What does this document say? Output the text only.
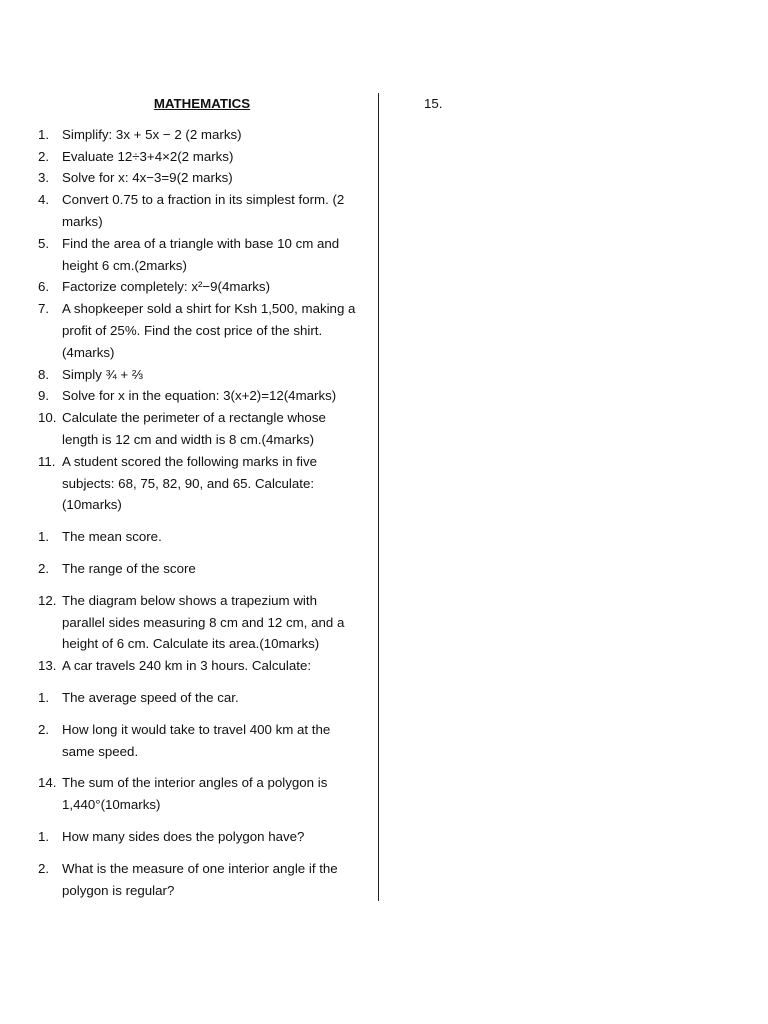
MATHEMATICS
1. Simplify: 3x + 5x − 2 (2 marks)
2. Evaluate 12÷3+4×2(2 marks)
3. Solve for x: 4x−3=9(2 marks)
4. Convert 0.75 to a fraction in its simplest form. (2 marks)
5. Find the area of a triangle with base 10 cm and height 6 cm.(2marks)
6. Factorize completely: x²−9(4marks)
7. A shopkeeper sold a shirt for Ksh 1,500, making a profit of 25%. Find the cost price of the shirt. (4marks)
8. Simply ¾ + ⅔
9. Solve for x in the equation: 3(x+2)=12(4marks)
10. Calculate the perimeter of a rectangle whose length is 12 cm and width is 8 cm.(4marks)
11. A student scored the following marks in five subjects: 68, 75, 82, 90, and 65. Calculate: (10marks)
1. The mean score.
2. The range of the score
12. The diagram below shows a trapezium with parallel sides measuring 8 cm and 12 cm, and a height of 6 cm. Calculate its area.(10marks)
13. A car travels 240 km in 3 hours. Calculate:
1. The average speed of the car.
2. How long it would take to travel 400 km at the same speed.
14. The sum of the interior angles of a polygon is 1,440°(10marks)
1. How many sides does the polygon have?
2. What is the measure of one interior angle if the polygon is regular?
15.
